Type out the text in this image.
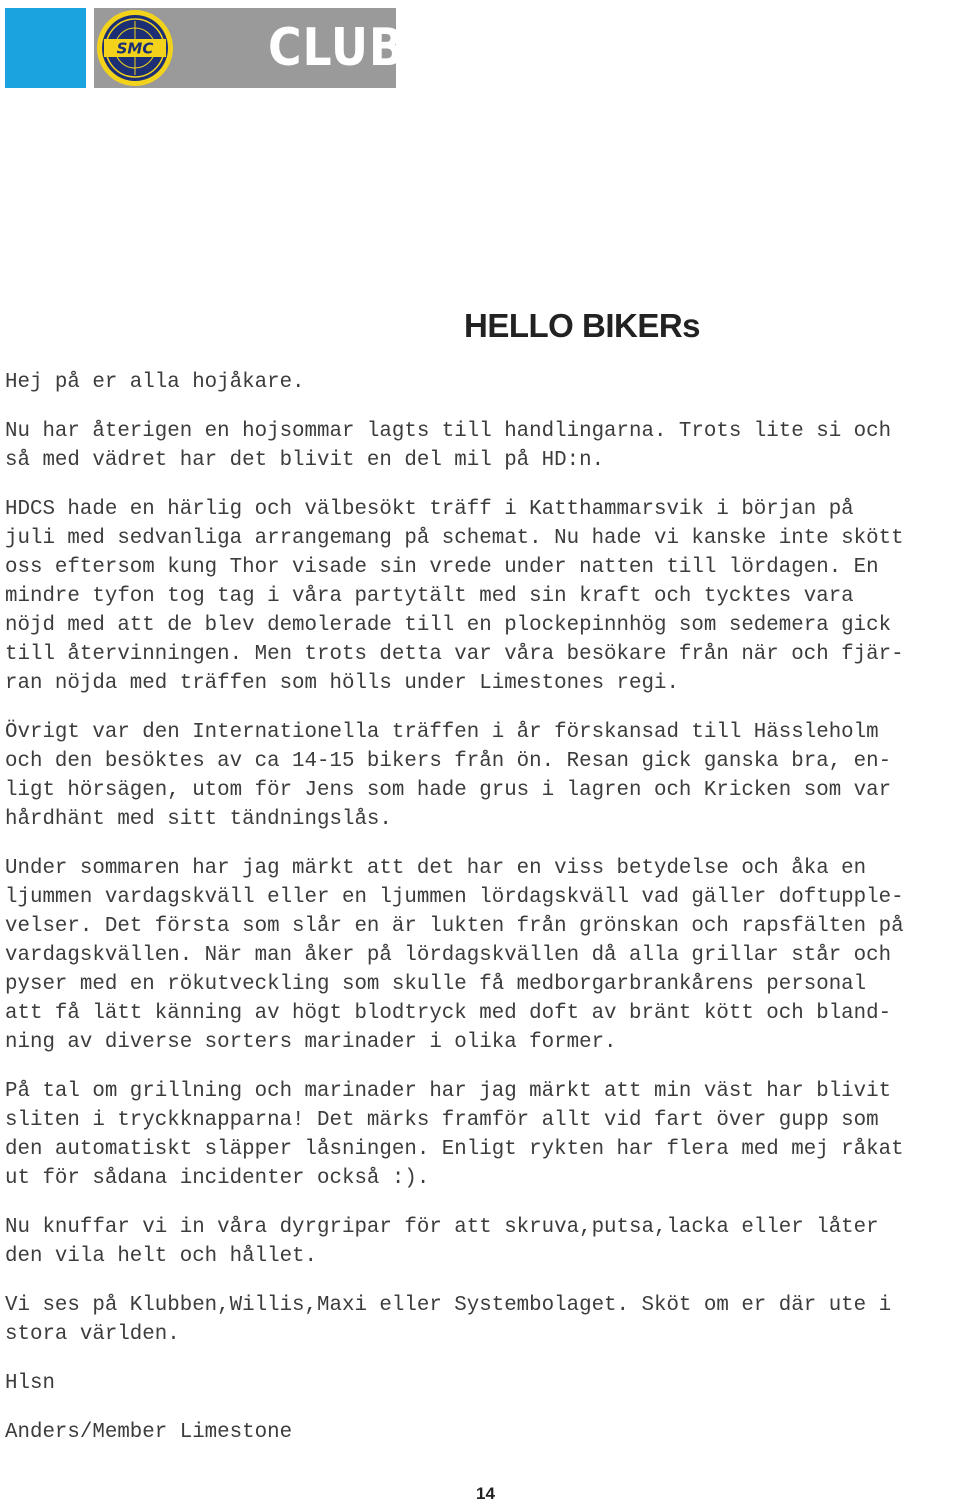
SMC CLUB
HELLO BIKERs

Hej på er alla hojåkare.

Nu har återigen en hojsommar lagts till handlingarna. Trots lite si och
så med vädret har det blivit en del mil på HD:n.

HDCS hade en härlig och välbesökt träff i Katthammarsvik i början på
juli med sedvanliga arrangemang på schemat. Nu hade vi kanske inte skött
oss eftersom kung Thor visade sin vrede under natten till lördagen. En
mindre tyfon tog tag i våra partytält med sin kraft och tycktes vara
nöjd med att de blev demolerade till en plockepinnhög som sedemera gick
till återvinningen. Men trots detta var våra besökare från när och fjär-
ran nöjda med träffen som hölls under Limestones regi.

Övrigt var den Internationella träffen i år förskansad till Hässleholm
och den besöktes av ca 14-15 bikers från ön. Resan gick ganska bra, en-
ligt hörsägen, utom för Jens som hade grus i lagren och Kricken som var
hårdhänt med sitt tändningslås.

Under sommaren har jag märkt att det har en viss betydelse och åka en
ljummen vardagskväll eller en ljummen lördagskväll vad gäller doftupple-
velser. Det första som slår en är lukten från grönskan och rapsfälten på
vardagskvällen. När man åker på lördagskvällen då alla grillar står och
pyser med en rökutveckling som skulle få medborgarbrankårens personal
att få lätt känning av högt blodtryck med doft av bränt kött och bland-
ning av diverse sorters marinader i olika former.

På tal om grillning och marinader har jag märkt att min väst har blivit
sliten i tryckknapparna! Det märks framför allt vid fart över gupp som
den automatiskt släpper låsningen. Enligt rykten har flera med mej råkat
ut för sådana incidenter också :).

Nu knuffar vi in våra dyrgripar för att skruva,putsa,lacka eller låter
den vila helt och hållet.

Vi ses på Klubben,Willis,Maxi eller Systembolaget. Sköt om er där ute i
stora världen.

Hlsn

Anders/Member Limestone

14
